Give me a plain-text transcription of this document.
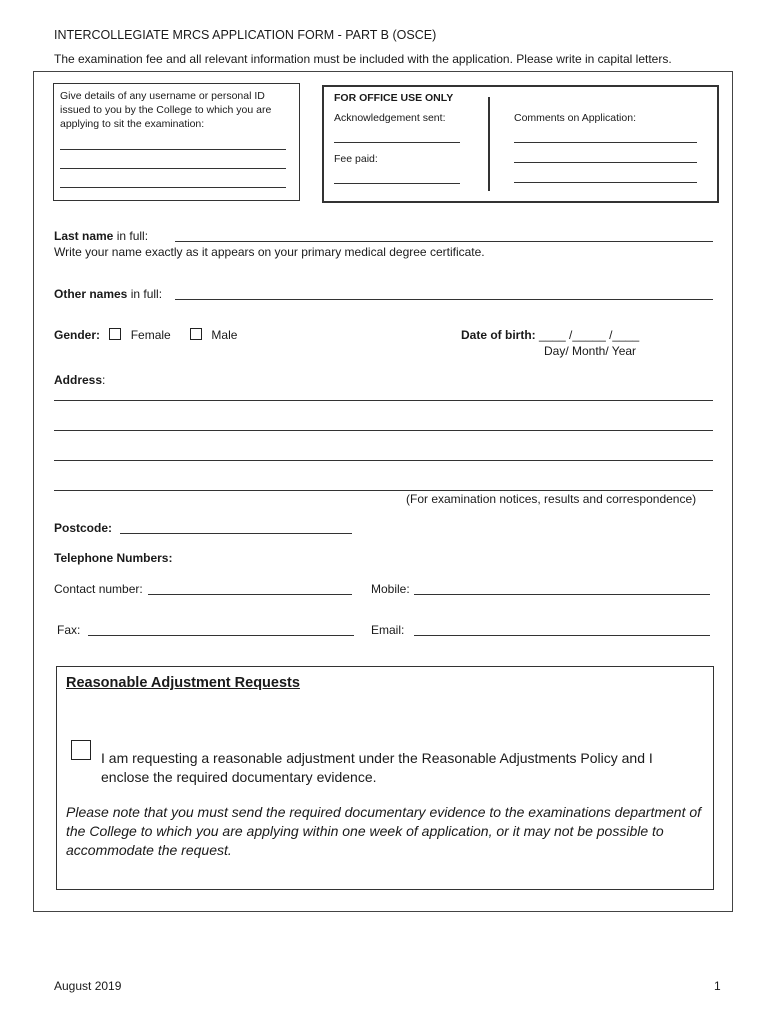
INTERCOLLEGIATE MRCS APPLICATION FORM - PART B (OSCE)
The examination fee and all relevant information must be included with the application. Please write in capital letters.
Give details of any username or personal ID issued to you by the College to which you are applying to sit the examination:
FOR OFFICE USE ONLY
Acknowledgement sent:
Fee paid:
Comments on Application:
Last name in full:
Write your name exactly as it appears on your primary medical degree certificate.
Other names in full:
Gender:	Female	Male	Date of birth: ____ /_____ /____
Day/ Month/ Year
Address:
(For examination notices, results and correspondence)
Postcode:
Telephone Numbers:
Contact number:	Mobile:
Fax:	Email:
Reasonable Adjustment Requests
I am requesting a reasonable adjustment under the Reasonable Adjustments Policy and I enclose the required documentary evidence.
Please note that you must send the required documentary evidence to the examinations department of the College to which you are applying within one week of application, or it may not be possible to accommodate the request.
August 2019	1
